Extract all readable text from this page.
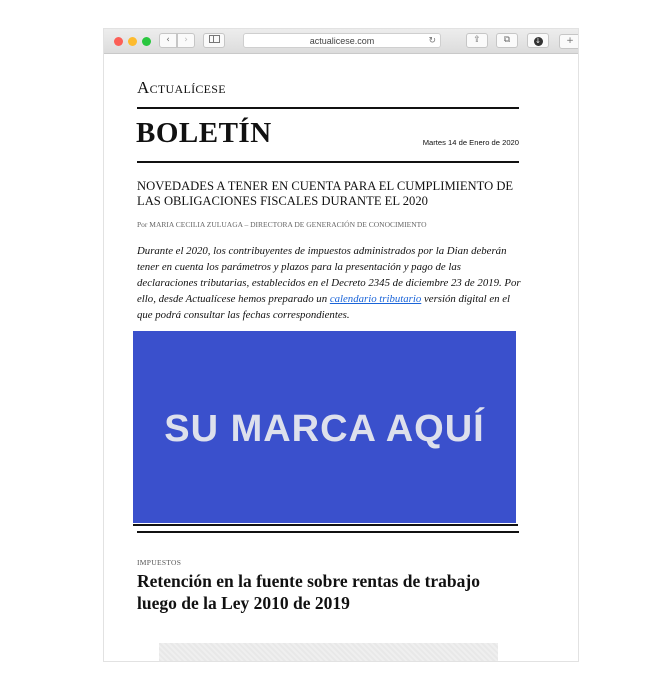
‹	›	actualicese.com	↻	⇪	⧉	↓	+
Actualícese
BOLETÍN	Martes 14 de Enero de 2020
NOVEDADES A TENER EN CUENTA PARA EL CUMPLIMIENTO DE LAS OBLIGACIONES FISCALES DURANTE EL 2020
Por MARIA CECILIA ZULUAGA – DIRECTORA DE GENERACIÓN DE CONOCIMIENTO
Durante el 2020, los contribuyentes de impuestos administrados por la Dian deberán tener en cuenta los parámetros y plazos para la presentación y pago de las declaraciones tributarias, establecidos en el Decreto 2345 de diciembre 23 de 2019. Por ello, desde Actualícese hemos preparado un calendario tributario versión digital en el que podrá consultar las fechas correspondientes.
SU MARCA AQUÍ
IMPUESTOS
Retención en la fuente sobre rentas de trabajo luego de la Ley 2010 de 2019
